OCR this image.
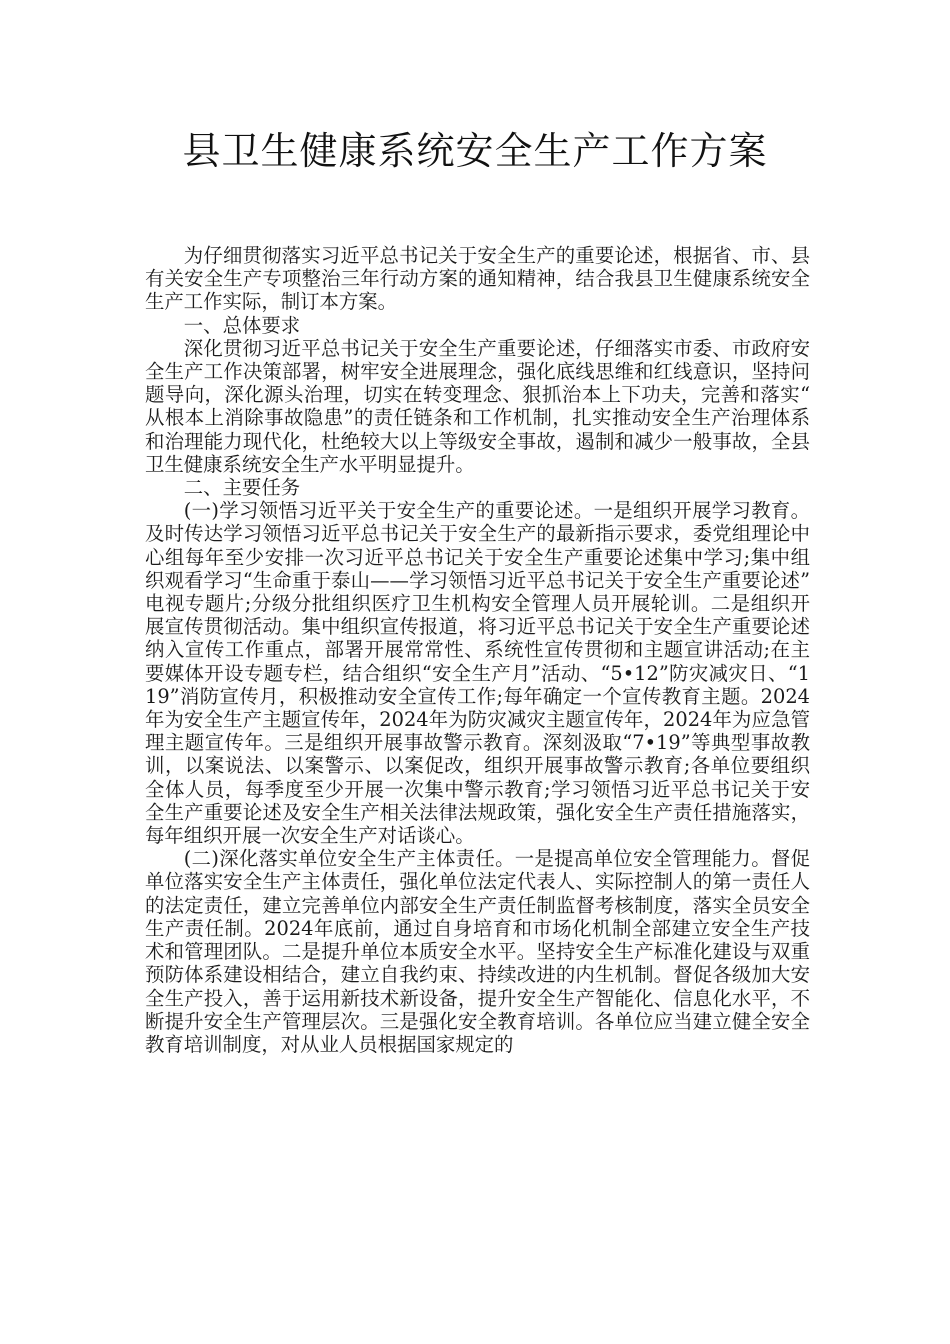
县卫生健康系统安全生产工作方案

为仔细贯彻落实习近平总书记关于安全生产的重要论述，根据省、市、县有关安全生产专项整治三年行动方案的通知精神，结合我县卫生健康系统安全生产工作实际，制订本方案。

一、总体要求

深化贯彻习近平总书记关于安全生产重要论述，仔细落实市委、市政府安全生产工作决策部署，树牢安全进展理念，强化底线思维和红线意识，坚持问题导向，深化源头治理，切实在转变理念、狠抓治本上下功夫，完善和落实“从根本上消除事故隐患”的责任链条和工作机制，扎实推动安全生产治理体系和治理能力现代化，杜绝较大以上等级安全事故，遏制和减少一般事故，全县卫生健康系统安全生产水平明显提升。

二、主要任务

(一)学习领悟习近平关于安全生产的重要论述。一是组织开展学习教育。及时传达学习领悟习近平总书记关于安全生产的最新指示要求，委党组理论中心组每年至少安排一次习近平总书记关于安全生产重要论述集中学习;集中组织观看学习“生命重于泰山——学习领悟习近平总书记关于安全生产重要论述”电视专题片;分级分批组织医疗卫生机构安全管理人员开展轮训。二是组织开展宣传贯彻活动。集中组织宣传报道，将习近平总书记关于安全生产重要论述纳入宣传工作重点，部署开展常常性、系统性宣传贯彻和主题宣讲活动;在主要媒体开设专题专栏，结合组织“安全生产月”活动、“5•12”防灾减灾日、“119”消防宣传月，积极推动安全宣传工作;每年确定一个宣传教育主题。2024年为安全生产主题宣传年，2024年为防灾减灾主题宣传年，2024年为应急管理主题宣传年。三是组织开展事故警示教育。深刻汲取“7•19”等典型事故教训，以案说法、以案警示、以案促改，组织开展事故警示教育;各单位要组织全体人员，每季度至少开展一次集中警示教育;学习领悟习近平总书记关于安全生产重要论述及安全生产相关法律法规政策，强化安全生产责任措施落实，每年组织开展一次安全生产对话谈心。

(二)深化落实单位安全生产主体责任。一是提高单位安全管理能力。督促单位落实安全生产主体责任，强化单位法定代表人、实际控制人的第一责任人的法定责任，建立完善单位内部安全生产责任制监督考核制度，落实全员安全生产责任制。2024年底前，通过自身培育和市场化机制全部建立安全生产技术和管理团队。二是提升单位本质安全水平。坚持安全生产标准化建设与双重预防体系建设相结合，建立自我约束、持续改进的内生机制。督促各级加大安全生产投入，善于运用新技术新设备，提升安全生产智能化、信息化水平，不断提升安全生产管理层次。三是强化安全教育培训。各单位应当建立健全安全教育培训制度，对从业人员根据国家规定的
